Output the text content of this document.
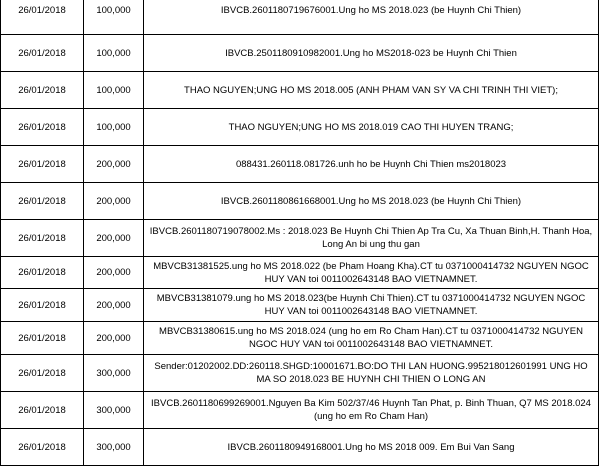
26/01/2018	100,000	IBVCB.2601180719676001.Ung ho MS 2018.023 (be Huynh Chi Thien)
26/01/2018	100,000	IBVCB.2501180910982001.Ung ho MS2018-023 be Huynh Chi Thien
26/01/2018	100,000	THAO NGUYEN;UNG HO MS 2018.005 (ANH PHAM VAN SY VA CHI TRINH THI VIET);
26/01/2018	100,000	THAO NGUYEN;UNG HO MS 2018.019 CAO THI HUYEN TRANG;
26/01/2018	200,000	088431.260118.081726.unh ho be Huynh Chi Thien ms2018023
26/01/2018	200,000	IBVCB.2601180861668001.Ung ho MS 2018.023 (be Huynh Chi Thien)
26/01/2018	200,000	IBVCB.2601180719078002.Ms : 2018.023 Be Huynh Chi Thien Ap Tra Cu, Xa Thuan Binh,H. Thanh Hoa, Long An bi ung thu gan
26/01/2018	200,000	MBVCB31381525.ung ho MS 2018.022 (be Pham Hoang Kha).CT tu 0371000414732 NGUYEN NGOC HUY VAN toi 0011002643148 BAO VIETNAMNET.
26/01/2018	200,000	MBVCB31381079.ung ho MS 2018.023(be Huynh Chi Thien).CT tu 0371000414732 NGUYEN NGOC HUY VAN toi 0011002643148 BAO VIETNAMNET.
26/01/2018	200,000	MBVCB31380615.ung ho MS 2018.024 (ung ho em Ro Cham Han).CT tu 0371000414732 NGUYEN NGOC HUY VAN toi 0011002643148 BAO VIETNAMNET.
26/01/2018	300,000	Sender:01202002.DD:260118.SHGD:10001671.BO:DO THI LAN HUONG.995218012601991 UNG HO MA SO 2018.023 BE HUYNH CHI THIEN O LONG AN
26/01/2018	300,000	IBVCB.2601180699269001.Nguyen Ba Kim 502/37/46 Huynh Tan Phat, p. Binh Thuan, Q7 MS 2018.024 (ung ho em Ro Cham Han)
26/01/2018	300,000	IBVCB.2601180949168001.Ung ho MS 2018 009. Em Bui Van Sang
